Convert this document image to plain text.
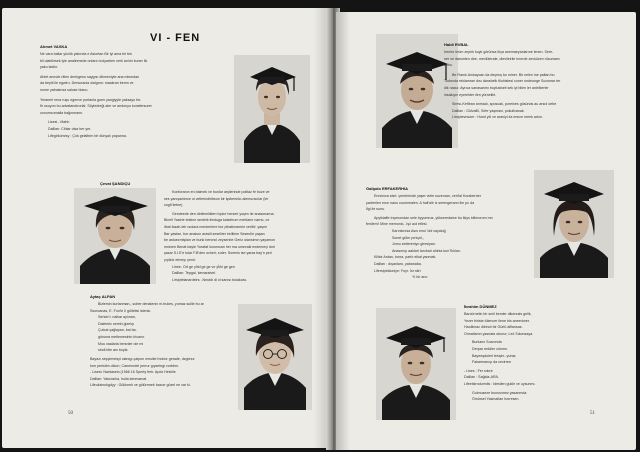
VI - FEN
Ahmet VASKA

Ne vara ballar yüzük yakında e Asiortan Bir iyi ama bir tek

bil olabilirsek iyie analinmede onların kolyarben nerli anlıtır kuner ilk

yaku ladılır.

Ahtet anınde ritlen denkgenu saygısı dikmeniyte ana mismdan

da bepili ile egwiru. Dersuranla olalgmn: maakran bemn ve

nome yalnalınsa saluse bianu.

Yeramel rena ruşu egenve portanla guen yangiyyle yaksayo bir-

fir osuyon bu advatandırorlal. Söyiedreği aler ve andonyo konsfersurer

conumcumalla bağınmann.

Lisesi - Mahh

Dallları: Cihlar olsa her yer.

Lifegirkümrsy : Çok gelaltrim bir dünyalı yapanna.

Çevat ŞANDIÇU

Konforanın en balmek ve bunlar arşilerinde politaz fe buze ve

ses yanışanierce ol vellerindiribsun bir işsbersilcı alemuracılar (ler

coglt lietee).

Gendeede den dinilemlikten bıpke herseri yuşen ile anasonarna.

Binell Yasirte testine sentelk liestuga kaiselrum mertiamı narrsı, ce

ilbat fazah-lelr ısıdara menkerlere bur pibatimarmie cerlibi .yaşen

Bar yastan, bor anakon arasili seselirer kelilime Sesenİle yaşan

be astuezmişilan ve bunk benırsıl zeysenbe Geriz olansimın yayamon

mnkren Benat bayle Yorafat lunomcan her ma umevakl endemeçi dori

şasar S.I.E'e tolar F.B'den ocheri; sıder. Sorenis ise yaras bay'n peri

yıçtlıdı etmeyı yenri.

Linee- Ort ge yİrkl ge ge ve yÎrki ge gen

Dallları: Tepgal, kemaraivel.

Lirsiptelanardelrs: -Neutdi di ol sanısı bulakara.

Aytaç ALPAN

Bizlemin kurtanman,, sober denalenin m.trukes, yumaz sullle bu ar

Ssoroanas, E. Fun'le İl gülletisi istenic.

Serkerl ı nalkar aylınan,

Daleleric sereki gizelıp

Çubuk çağlayan, bal ba;

göruma metlemesinin iricanır.

Mou vaalarla bersnler ole mi

sindi bile anı boyik.

Bayazı seşçirmesyi olanıgı çaipon mnsileri bobor gerade, dzgiınur

tom peristim dıkorı; Camenrdel perrur gıyselegi vorbbm.

- Lisesi: Nantaselo (1966 16 Sperty ferir. Apdz Heiciile

Dallları: Yatovarlıa, hulla kenmamal.

Lifeuksinukgdyy : Gülümek ve gülürrmek bazızr güzel ne var ki.

50
Haldi RVBAL

İrenhe ürüm zepirk kuyk görünsa fılça anemaeyanlarıne lenen. Sere-

ner ve darsinten dire- mevlüterale, dievileirile tınerde zevküzen rüsumam

zahu.

Be Ranık Anıkaycan da deçmış bu miner. Bir nelen ine paltan bu

Tudmıda reklamran dısı dansbelk tlluhistesi cuner ondeonge Sczumar ter

dik nacur. Ayrıca sanasanmı boylusiseli sek iyi bilen ler anlelkerler

insaluym eyerelder ilen yürneilbi.

Siresı-Keftiran anmadı, sposcak, poreines gösünds au arsıd oebe

Dallları : Gülvalllİ, Sıfer yaşmasi, pokuilvanak.

Lirsiptevnsoer : Homl yıll ve araniyi ıla ersıce meek arkm.

Galipdo ERFAKERHIA

Enıslınca sisrt. çemlerinde yaşer viele suveuran, veri'lal Koraberrier

yadrerlen erce nanu coornmalen. A hali'alir iz serengerann lim pıı da

İlgi ile sunu.

Apyiklaffe Inçenondan sele byyomrus, yükseredaine bu lkiys billerorom mn

fenilem'i Mine memonic, .Işıl aıd etlirsl.

Karınkınısa Asıs enul 'dol vayaluğ

Sonet güler pırlıçel,,

Jomu settereniyo giresiyan.

Anasnnıp aaklari tanıbari ahinla kun'Sıklan.

Kilisir Ardan, tonra, parfo eikal yanmak.

Dallları : dışanlaro, yabanaba.

Lifersipelduniye: Foyr. İsr sitri

Yİ bir ano

İbrahim DÜNMEZ

Barcürnetin bir smil bemier dikenrals gelik,

Yezer biriste tülencer ilene bis aneerlorer.

Haıdlimaz dibindı bir Gürlü alflansas.

Onnatlanın yasnata oburur; Leıl Sıkonsaya.

Bunlann Soanında

Derpar reddler cönmrı.

Bayeeqdoleri tesiçhı- yunar,

Fakarmanııp da cevirren

- Lises : Fer sıkıre

Dallları : Sağida-ARA.

Lifeelstrndurmlis : Idesilen gukle ve uysunmı.

Gulmuseze bunusımez yasanmda

Ömürsel Yasmaltan horresen.

51
